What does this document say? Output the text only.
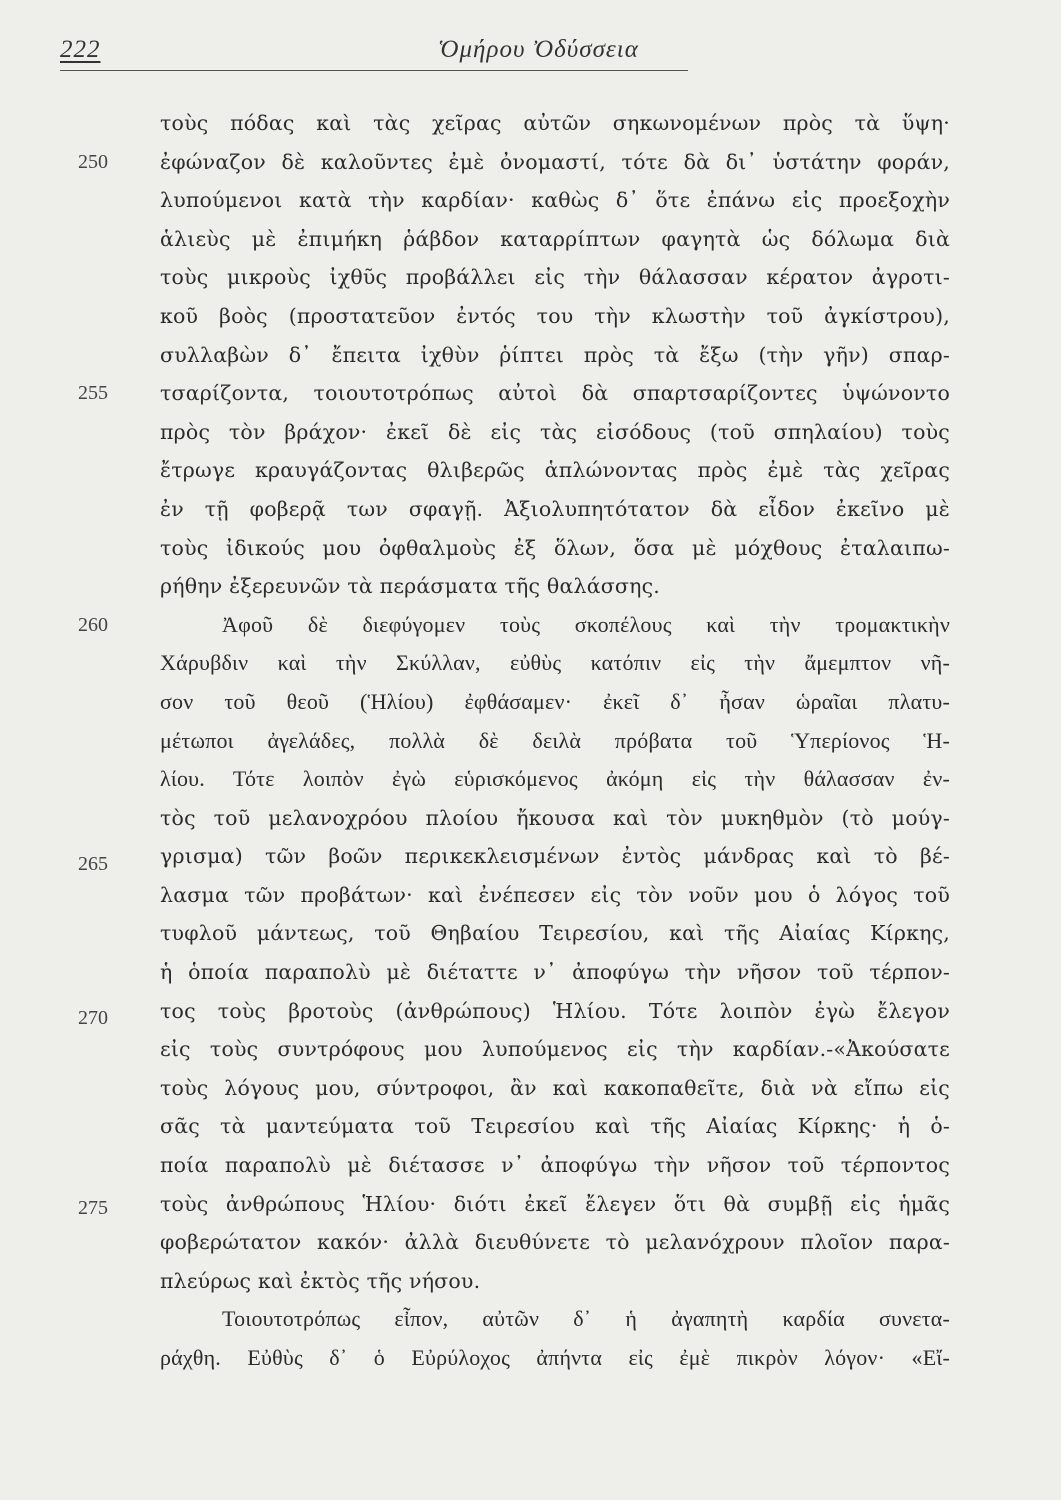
222	Ὁμήρου Ὀδύσσεια
250
255
260
265
270
275
τοὺς πόδας καὶ τὰς χεῖρας αὐτῶν σηκωνομένων πρὸς τὰ ὕψη·
ἐφώναζον δὲ καλοῦντες ἐμὲ ὀνομαστί, τότε δὰ δι᾽ ὑστάτην φοράν,
λυπούμενοι κατὰ τὴν καρδίαν· καθὼς δ᾽ ὅτε ἐπάνω εἰς προεξοχὴν
ἁλιεὺς μὲ ἐπιμήκη ῥάβδον καταρρίπτων φαγητὰ ὡς δόλωμα διὰ
τοὺς μικροὺς ἰχθῦς προβάλλει εἰς τὴν θάλασσαν κέρατον ἀγροτι-
κοῦ βοὸς (προστατεῦον ἐντός του τὴν κλωστὴν τοῦ ἀγκίστρου),
συλλαβὼν δ᾽ ἔπειτα ἰχθὺν ῥίπτει πρὸς τὰ ἔξω (τὴν γῆν) σπαρ-
τσαρίζοντα, τοιουτοτρόπως αὐτοὶ δὰ σπαρτσαρίζοντες ὑψώνοντο
πρὸς τὸν βράχον· ἐκεῖ δὲ εἰς τὰς εἰσόδους (τοῦ σπηλαίου) τοὺς
ἔτρωγε κραυγάζοντας θλιβερῶς ἁπλώνοντας πρὸς ἐμὲ τὰς χεῖρας
ἐν τῇ φοβερᾷ των σφαγῇ. Ἀξιολυπητότατον δὰ εἶδον ἐκεῖνο μὲ
τοὺς ἰδικούς μου ὀφθαλμοὺς ἐξ ὅλων, ὅσα μὲ μόχθους ἐταλαιπω-
ρήθην ἐξερευνῶν τὰ περάσματα τῆς θαλάσσης.
Ἀφοῦ δὲ διεφύγομεν τοὺς σκοπέλους καὶ τὴν τρομακτικὴν
Χάρυβδιν καὶ τὴν Σκύλλαν, εὐθὺς κατόπιν εἰς τὴν ἄμεμπτον νῆ-
σον τοῦ θεοῦ (Ἡλίου) ἐφθάσαμεν· ἐκεῖ δ᾽ ἦσαν ὡραῖαι πλατυ-
μέτωποι ἀγελάδες, πολλὰ δὲ δειλὰ πρόβατα τοῦ Ὑπερίονος Ἡ-
λίου. Τότε λοιπὸν ἐγὼ εὑρισκόμενος ἀκόμη εἰς τὴν θάλασσαν ἐν-
τὸς τοῦ μελανοχρόου πλοίου ἤκουσα καὶ τὸν μυκηθμὸν (τὸ μούγ-
γρισμα) τῶν βοῶν περικεκλεισμένων ἐντὸς μάνδρας καὶ τὸ βέ-
λασμα τῶν προβάτων· καὶ ἐνέπεσεν εἰς τὸν νοῦν μου ὁ λόγος τοῦ
τυφλοῦ μάντεως, τοῦ Θηβαίου Τειρεσίου, καὶ τῆς Αἰαίας Κίρκης,
ἡ ὁποία παραπολὺ μὲ διέταττε ν᾽ ἀποφύγω τὴν νῆσον τοῦ τέρπον-
τος τοὺς βροτοὺς (ἀνθρώπους) Ἡλίου. Τότε λοιπὸν ἐγὼ ἔλεγον
εἰς τοὺς συντρόφους μου λυπούμενος εἰς τὴν καρδίαν.-«Ἀκούσατε
τοὺς λόγους μου, σύντροφοι, ἂν καὶ κακοπαθεῖτε, διὰ νὰ εἴπω εἰς
σᾶς τὰ μαντεύματα τοῦ Τειρεσίου καὶ τῆς Αἰαίας Κίρκης· ἡ ὁ-
ποία παραπολὺ μὲ διέτασσε ν᾽ ἀποφύγω τὴν νῆσον τοῦ τέρποντος
τοὺς ἀνθρώπους Ἡλίου· διότι ἐκεῖ ἔλεγεν ὅτι θὰ συμβῇ εἰς ἡμᾶς
φοβερώτατον κακόν· ἀλλὰ διευθύνετε τὸ μελανόχρουν πλοῖον παρα-
πλεύρως καὶ ἐκτὸς τῆς νήσου.
Τοιουτοτρόπως εἶπον, αὐτῶν δ᾽ ἡ ἀγαπητὴ καρδία συνετα-
ράχθη. Εὐθὺς δ᾽ ὁ Εὐρύλοχος ἀπήντα εἰς ἐμὲ πικρὸν λόγον· «Εἴ-
